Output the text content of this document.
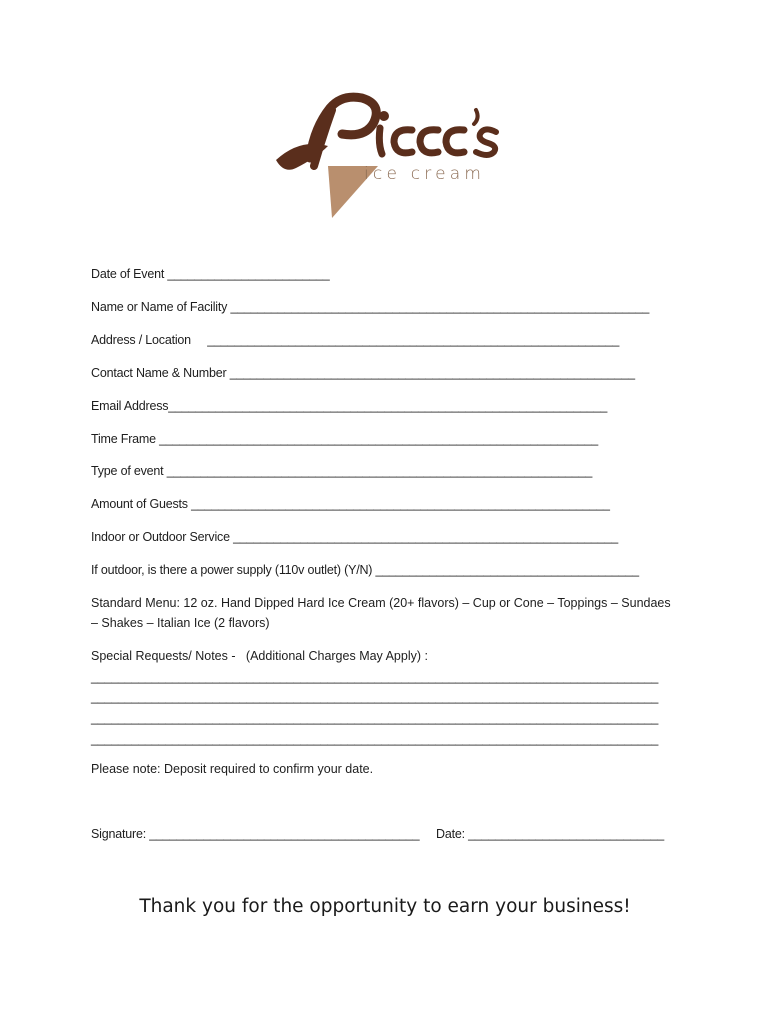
ice cream
Date of Event ________________________
Name or Name of Facility ______________________________________________________________
Address / Location     _____________________________________________________________
Contact Name & Number ____________________________________________________________
Email Address_________________________________________________________________
Time Frame _________________________________________________________________
Type of event _______________________________________________________________
Amount of Guests ______________________________________________________________
Indoor or Outdoor Service _________________________________________________________
If outdoor, is there a power supply (110v outlet) (Y/N) _______________________________________
Standard Menu: 12 oz. Hand Dipped Hard Ice Cream (20+ flavors) – Cup or Cone – Toppings – Sundaes – Shakes – Italian Ice (2 flavors)
Special Requests/ Notes -   (Additional Charges May Apply) :
____________________________________________________________________________________
____________________________________________________________________________________
____________________________________________________________________________________
____________________________________________________________________________________
Please note: Deposit required to confirm your date.
Signature: ________________________________________ Date: _____________________________
Thank you for the opportunity to earn your business!
